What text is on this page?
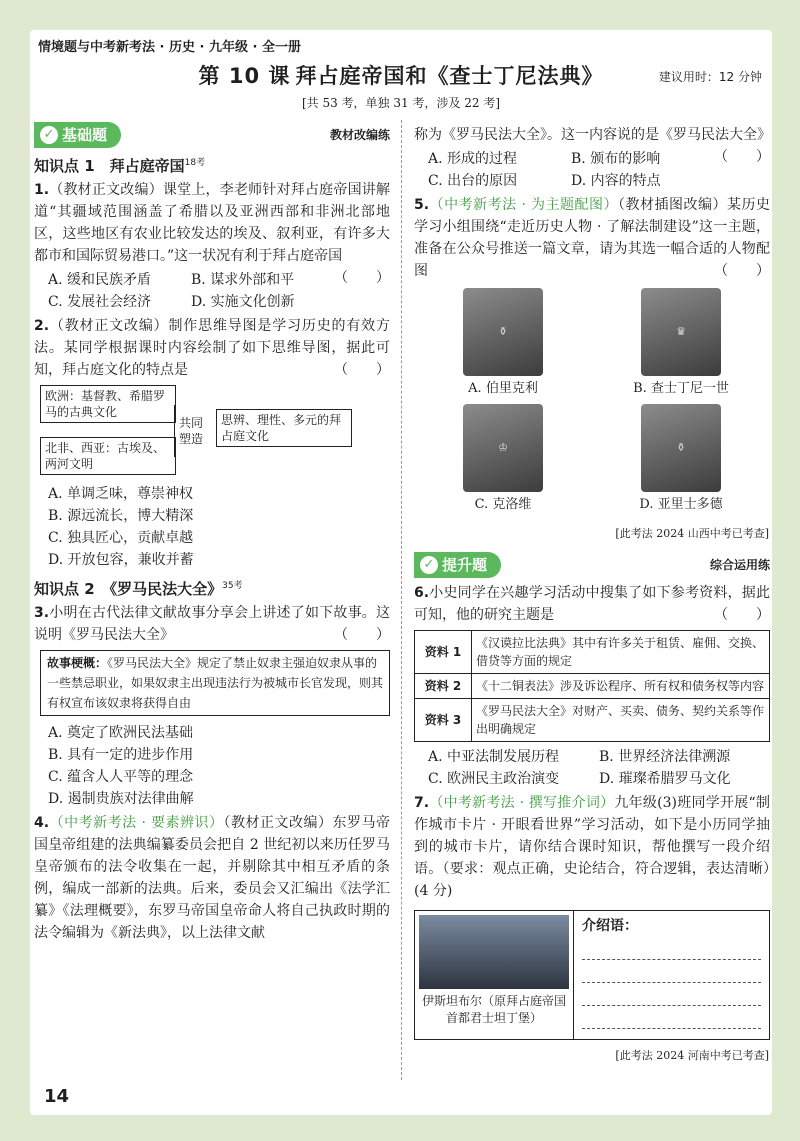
情境题与中考新考法 · 历史 · 九年级 · 全一册
第 10 课 拜占庭帝国和《查士丁尼法典》	建议用时：12 分钟
[共 53 考，单独 31 考，涉及 22 考]
✓ 基础题	教材改编练
知识点 1　拜占庭帝国$^{18考}$
1.（教材正文改编）课堂上，李老师针对拜占庭帝国讲解道“其疆域范围涵盖了希腊以及亚洲西部和非洲北部地区，这些地区有农业比较发达的埃及、叙利亚，有许多大都市和国际贸易港口。”这一状况有利于拜占庭帝国
（　　）
A. 缓和民族矛盾	B. 谋求外部和平
C. 发展社会经济	D. 实施文化创新
2.（教材正文改编）制作思维导图是学习历史的有效方法。某同学根据课时内容绘制了如下思维导图，据此可知，拜占庭文化的特点是	（　　）
欧洲：基督教、希腊罗马的古典文化
北非、西亚：古埃及、两河文明
共同塑造
思辨、理性、多元的拜占庭文化
A. 单调乏味，尊崇神权
B. 源远流长，博大精深
C. 独具匠心，贡献卓越
D. 开放包容，兼收并蓄
知识点 2　《罗马民法大全》$^{35考}$
3.小明在古代法律文献故事分享会上讲述了如下故事。这说明《罗马民法大全》	（　　）
故事梗概：《罗马民法大全》规定了禁止奴隶主强迫奴隶从事的一些禁忌职业，如果奴隶主出现违法行为被城市长官发现，则其有权宣布该奴隶将获得自由
A. 奠定了欧洲民法基础
B. 具有一定的进步作用
C. 蕴含人人平等的理念
D. 遏制贵族对法律曲解
4.（中考新考法 · 要素辨识）（教材正文改编）东罗马帝国皇帝组建的法典编纂委员会把自 2 世纪初以来历任罗马皇帝颁布的法令收集在一起，并剔除其中相互矛盾的条例，编成一部新的法典。后来，委员会又汇编出《法学汇纂》《法理概要》，东罗马帝国皇帝命人将自己执政时期的法令编辑为《新法典》，以上法律文献
称为《罗马民法大全》。这一内容说的是《罗马民法大全》
（　　）
A. 形成的过程	B. 颁布的影响
C. 出台的原因	D. 内容的特点
5.（中考新考法 · 为主题配图）（教材插图改编）某历史学习小组围绕“走近历史人物 · 了解法制建设”这一主题，准备在公众号推送一篇文章，请为其选一幅合适的人物配图	（　　）
⚱
A. 伯里克利
♛
B. 查士丁尼一世
♔
C. 克洛维
⚱
D. 亚里士多德
[此考法 2024 山西中考已考查]
✓ 提升题	综合运用练
6.小史同学在兴趣学习活动中搜集了如下参考资料，据此可知，他的研究主题是	（　　）
资料 1	《汉谟拉比法典》其中有许多关于租赁、雇佣、交换、借贷等方面的规定
资料 2	《十二铜表法》涉及诉讼程序、所有权和债务权等内容
资料 3	《罗马民法大全》对财产、买卖、债务、契约关系等作出明确规定
A. 中亚法制发展历程	B. 世界经济法律溯源
C. 欧洲民主政治演变	D. 璀璨希腊罗马文化
7.（中考新考法 · 撰写推介词）九年级(3)班同学开展“制作城市卡片 · 开眼看世界”学习活动，如下是小历同学抽到的城市卡片，请你结合课时知识，帮他撰写一段介绍语。（要求：观点正确，史论结合，符合逻辑，表达清晰）(4 分)
伊斯坦布尔（原拜占庭帝国首都君士坦丁堡）
介绍语：
[此考法 2024 河南中考已考查]
14
